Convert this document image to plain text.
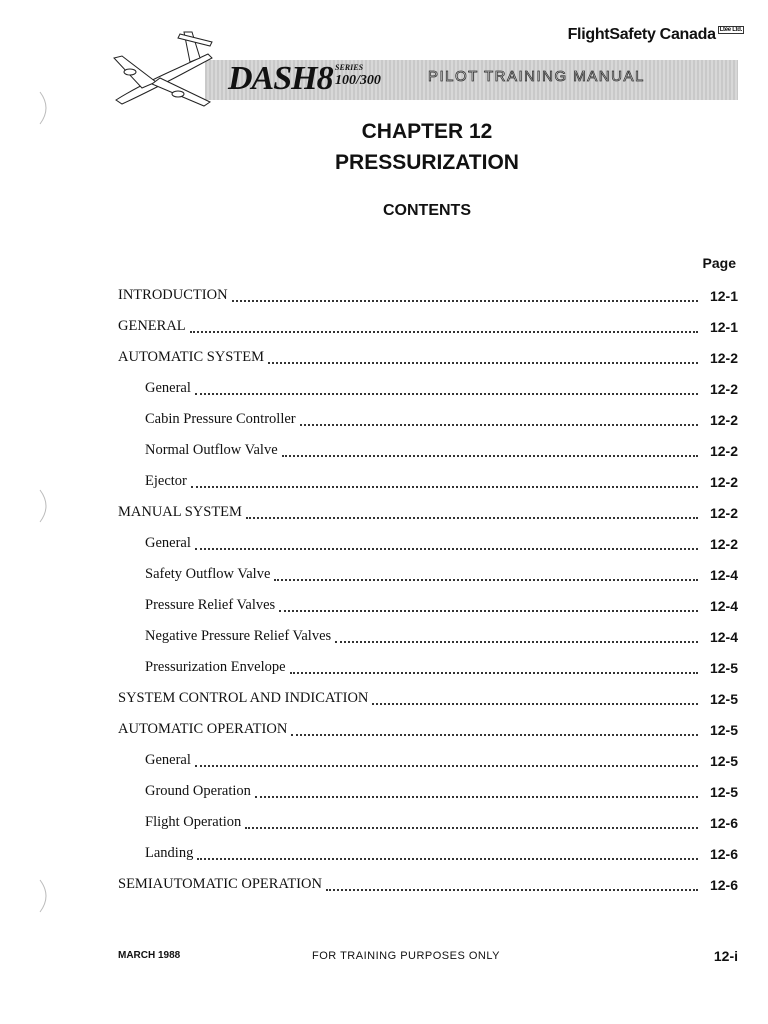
FlightSafety Canada Ltée Ltd.
DASH8 SERIES
100/300	PILOT TRAINING MANUAL
CHAPTER 12
PRESSURIZATION
CONTENTS
Page
INTRODUCTION	12-1
GENERAL	12-1
AUTOMATIC SYSTEM	12-2
General	12-2
Cabin Pressure Controller	12-2
Normal Outflow Valve	12-2
Ejector	12-2
MANUAL SYSTEM	12-2
General	12-2
Safety Outflow Valve	12-4
Pressure Relief Valves	12-4
Negative Pressure Relief Valves	12-4
Pressurization Envelope	12-5
SYSTEM CONTROL AND INDICATION	12-5
AUTOMATIC OPERATION	12-5
General	12-5
Ground Operation	12-5
Flight Operation	12-6
Landing	12-6
SEMIAUTOMATIC OPERATION	12-6
MARCH 1988	FOR TRAINING PURPOSES ONLY	12-i
